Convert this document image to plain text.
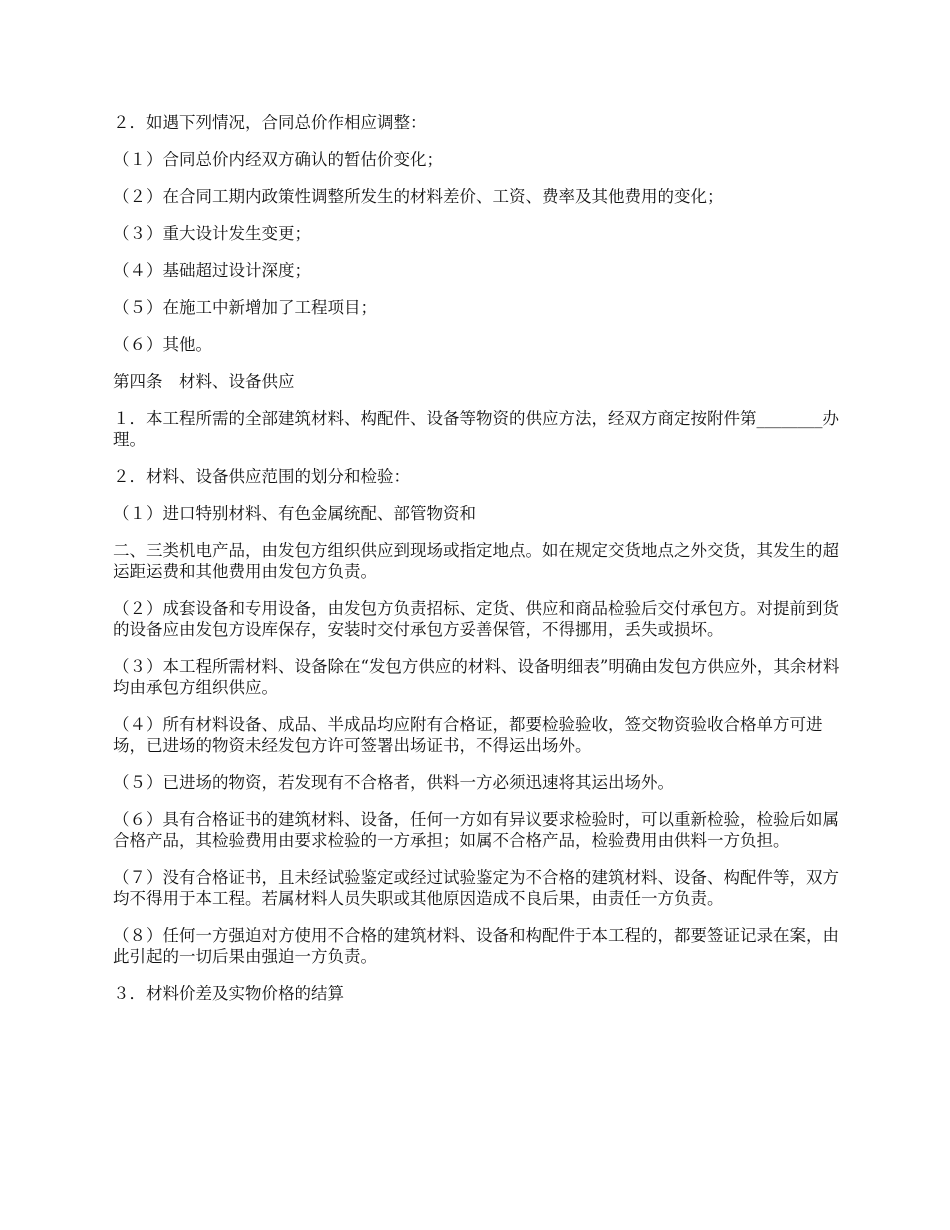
２．如遇下列情况，合同总价作相应调整：

（１）合同总价内经双方确认的暂估价变化；

（２）在合同工期内政策性调整所发生的材料差价、工资、费率及其他费用的变化；

（３）重大设计发生变更；

（４）基础超过设计深度；

（５）在施工中新增加了工程项目；

（６）其他。

第四条　材料、设备供应

１．本工程所需的全部建筑材料、构配件、设备等物资的供应方法，经双方商定按附件第________办理。

２．材料、设备供应范围的划分和检验：

（１）进口特别材料、有色金属统配、部管物资和

二、三类机电产品，由发包方组织供应到现场或指定地点。如在规定交货地点之外交货，其发生的超运距运费和其他费用由发包方负责。

（２）成套设备和专用设备，由发包方负责招标、定货、供应和商品检验后交付承包方。对提前到货的设备应由发包方设库保存，安装时交付承包方妥善保管，不得挪用，丢失或损坏。

（３）本工程所需材料、设备除在“发包方供应的材料、设备明细表”明确由发包方供应外，其余材料均由承包方组织供应。

（４）所有材料设备、成品、半成品均应附有合格证，都要检验验收，签交物资验收合格单方可进场，已进场的物资未经发包方许可签署出场证书，不得运出场外。

（５）已进场的物资，若发现有不合格者，供料一方必须迅速将其运出场外。

（６）具有合格证书的建筑材料、设备，任何一方如有异议要求检验时，可以重新检验，检验后如属合格产品，其检验费用由要求检验的一方承担；如属不合格产品，检验费用由供料一方负担。

（７）没有合格证书，且未经试验鉴定或经过试验鉴定为不合格的建筑材料、设备、构配件等，双方均不得用于本工程。若属材料人员失职或其他原因造成不良后果，由责任一方负责。

（８）任何一方强迫对方使用不合格的建筑材料、设备和构配件于本工程的，都要签证记录在案，由此引起的一切后果由强迫一方负责。

３．材料价差及实物价格的结算
